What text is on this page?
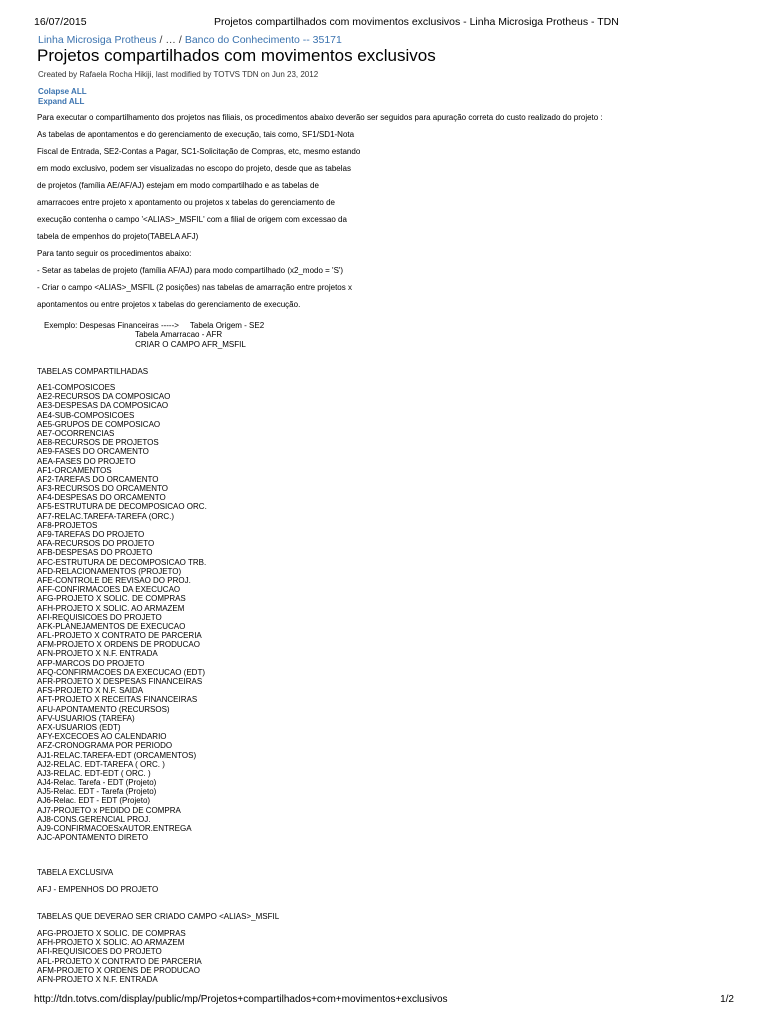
16/07/2015	Projetos compartilhados com movimentos exclusivos - Linha Microsiga Protheus - TDN
Linha Microsiga Protheus / … / Banco do Conhecimento -- 35171
Projetos compartilhados com movimentos exclusivos
Created by Rafaela Rocha Hikiji, last modified by TOTVS TDN on Jun 23, 2012
Colapse ALL
Expand ALL
Para executar o compartilhamento dos projetos nas filiais, os procedimentos abaixo deverão ser seguidos para apuração correta do custo realizado do projeto :
As tabelas de apontamentos e do gerenciamento de execução, tais como, SF1/SD1-Nota
Fiscal de Entrada, SE2-Contas a Pagar, SC1-Solicitação de Compras, etc, mesmo estando
em modo exclusivo, podem ser visualizadas no escopo do projeto, desde que as tabelas
de projetos (família AE/AF/AJ) estejam em modo compartilhado e as tabelas de
amarracoes entre projeto x apontamento ou projetos x tabelas do gerenciamento de
execução contenha o campo '<ALIAS>_MSFIL' com a filial de origem com excessao da
tabela de empenhos do projeto(TABELA AFJ)
Para tanto seguir os procedimentos abaixo:
- Setar as tabelas de projeto (família AF/AJ) para modo compartilhado (x2_modo = 'S')
- Criar o campo <ALIAS>_MSFIL (2 posições) nas tabelas de amarração entre projetos x
apontamentos ou entre projetos x tabelas do gerenciamento de execução.
Exemplo: Despesas Financeiras ----->     Tabela Origem - SE2
Tabela Amarracao - AFR
CRIAR O CAMPO AFR_MSFIL
TABELAS COMPARTILHADAS
AE1-COMPOSICOES
AE2-RECURSOS DA COMPOSICAO
AE3-DESPESAS DA COMPOSICAO
AE4-SUB-COMPOSICOES
AE5-GRUPOS DE COMPOSICAO
AE7-OCORRENCIAS
AE8-RECURSOS DE PROJETOS
AE9-FASES DO ORCAMENTO
AEA-FASES DO PROJETO
AF1-ORCAMENTOS
AF2-TAREFAS DO ORCAMENTO
AF3-RECURSOS DO ORCAMENTO
AF4-DESPESAS DO ORCAMENTO
AF5-ESTRUTURA DE DECOMPOSICAO ORC.
AF7-RELAC.TAREFA-TAREFA (ORC.)
AF8-PROJETOS
AF9-TAREFAS DO PROJETO
AFA-RECURSOS DO PROJETO
AFB-DESPESAS DO PROJETO
AFC-ESTRUTURA DE DECOMPOSICAO TRB.
AFD-RELACIONAMENTOS (PROJETO)
AFE-CONTROLE DE REVISAO DO PROJ.
AFF-CONFIRMACOES DA EXECUCAO
AFG-PROJETO X SOLIC. DE COMPRAS
AFH-PROJETO X SOLIC. AO ARMAZEM
AFI-REQUISICOES DO PROJETO
AFK-PLANEJAMENTOS DE EXECUCAO
AFL-PROJETO X CONTRATO DE PARCERIA
AFM-PROJETO X ORDENS DE PRODUCAO
AFN-PROJETO X N.F. ENTRADA
AFP-MARCOS DO PROJETO
AFQ-CONFIRMACOES DA EXECUCAO (EDT)
AFR-PROJETO X DESPESAS FINANCEIRAS
AFS-PROJETO X N.F. SAIDA
AFT-PROJETO X RECEITAS FINANCEIRAS
AFU-APONTAMENTO (RECURSOS)
AFV-USUARIOS (TAREFA)
AFX-USUARIOS (EDT)
AFY-EXCECOES AO CALENDARIO
AFZ-CRONOGRAMA POR PERIODO
AJ1-RELAC.TAREFA-EDT (ORCAMENTOS)
AJ2-RELAC. EDT-TAREFA ( ORC. )
AJ3-RELAC. EDT-EDT ( ORC. )
AJ4-Relac. Tarefa - EDT (Projeto)
AJ5-Relac. EDT - Tarefa (Projeto)
AJ6-Relac. EDT - EDT (Projeto)
AJ7-PROJETO x PEDIDO DE COMPRA
AJ8-CONS.GERENCIAL PROJ.
AJ9-CONFIRMACOESxAUTOR.ENTREGA
AJC-APONTAMENTO DIRETO
TABELA EXCLUSIVA
AFJ - EMPENHOS DO PROJETO
TABELAS QUE DEVERAO SER CRIADO CAMPO <ALIAS>_MSFIL
AFG-PROJETO X SOLIC. DE COMPRAS
AFH-PROJETO X SOLIC. AO ARMAZEM
AFI-REQUISICOES DO PROJETO
AFL-PROJETO X CONTRATO DE PARCERIA
AFM-PROJETO X ORDENS DE PRODUCAO
AFN-PROJETO X N.F. ENTRADA
http://tdn.totvs.com/display/public/mp/Projetos+compartilhados+com+movimentos+exclusivos	1/2
